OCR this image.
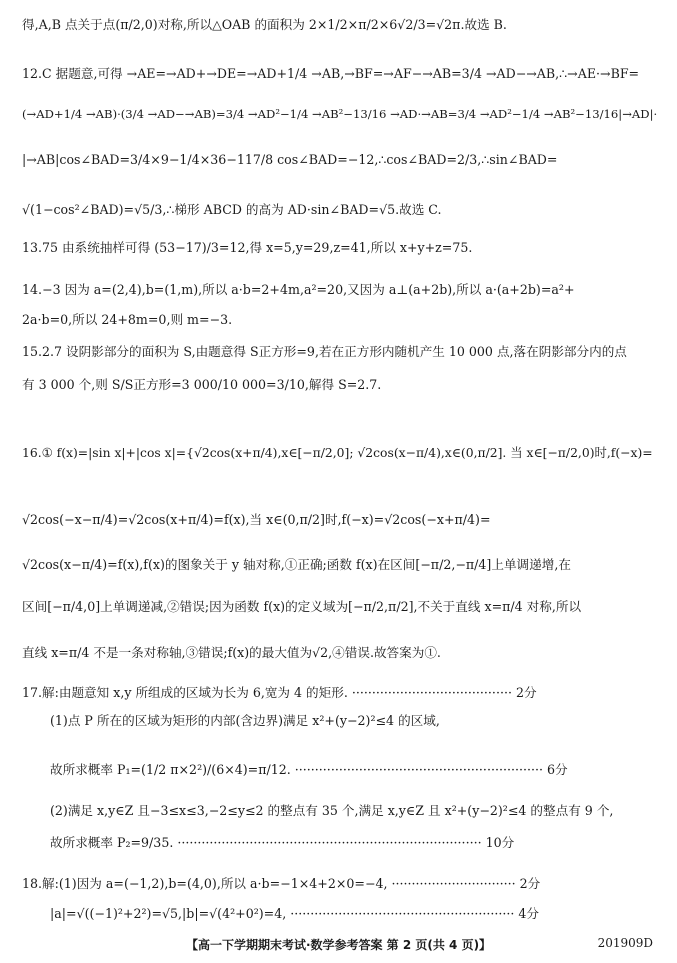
得,A,B 点关于点(π/2,0)对称,所以△OAB 的面积为 2×1/2×π/2×6√2/3=√2π.故选 B.
12.C 据题意,可得 →AE=→AD+→DE=→AD+1/4 →AB,→BF=→AF−→AB=3/4 →AD−→AB,∴→AE·→BF=
(→AD+1/4 →AB)·(3/4 →AD−→AB)=3/4 →AD²−1/4 →AB²−13/16 →AD·→AB=3/4 →AD²−1/4 →AB²−13/16|→AD|·
|→AB|cos∠BAD=3/4×9−1/4×36−117/8 cos∠BAD=−12,∴cos∠BAD=2/3,∴sin∠BAD=
√(1−cos²∠BAD)=√5/3,∴梯形 ABCD 的高为 AD·sin∠BAD=√5.故选 C.
13.75 由系统抽样可得 (53−17)/3=12,得 x=5,y=29,z=41,所以 x+y+z=75.
14.−3 因为 a=(2,4),b=(1,m),所以 a·b=2+4m,a²=20,又因为 a⊥(a+2b),所以 a·(a+2b)=a²+
2a·b=0,所以 24+8m=0,则 m=−3.
15.2.7 设阴影部分的面积为 S,由题意得 S正方形=9,若在正方形内随机产生 10 000 点,落在阴影部分内的点
有 3 000 个,则 S/S正方形=3 000/10 000=3/10,解得 S=2.7.
16.① f(x)=|sin x|+|cos x|={√2cos(x+π/4),x∈[−π/2,0]; √2cos(x−π/4),x∈(0,π/2]. 当 x∈[−π/2,0)时,f(−x)=
√2cos(−x−π/4)=√2cos(x+π/4)=f(x),当 x∈(0,π/2]时,f(−x)=√2cos(−x+π/4)=
√2cos(x−π/4)=f(x),f(x)的图象关于 y 轴对称,①正确;函数 f(x)在区间[−π/2,−π/4]上单调递增,在
区间[−π/4,0]上单调递减,②错误;因为函数 f(x)的定义域为[−π/2,π/2],不关于直线 x=π/4 对称,所以
直线 x=π/4 不是一条对称轴,③错误;f(x)的最大值为√2,④错误.故答案为①.
17.解:由题意知 x,y 所组成的区域为长为 6,宽为 4 的矩形. ········································ 2分
(1)点 P 所在的区域为矩形的内部(含边界)满足 x²+(y−2)²≤4 的区域,
故所求概率 P₁=(1/2 π×2²)/(6×4)=π/12. ······························································ 6分
(2)满足 x,y∈Z 且−3≤x≤3,−2≤y≤2 的整点有 35 个,满足 x,y∈Z 且 x²+(y−2)²≤4 的整点有 9 个,
故所求概率 P₂=9/35. ············································································ 10分
18.解:(1)因为 a=(−1,2),b=(4,0),所以 a·b=−1×4+2×0=−4, ······························· 2分
|a|=√((−1)²+2²)=√5,|b|=√(4²+0²)=4, ························································ 4分
【高一下学期期末考试·数学参考答案 第 2 页(共 4 页)】	201909D
